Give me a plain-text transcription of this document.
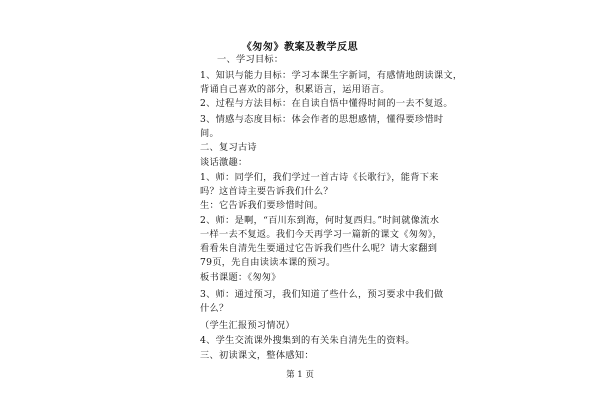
《匆匆》教案及教学反思
一、学习目标：
1、知识与能力目标：学习本课生字新词，有感情地朗读课文，
背诵自己喜欢的部分，积累语言，运用语言。
2、过程与方法目标：在自读自悟中懂得时间的一去不复返。
3、情感与态度目标：体会作者的思想感情，懂得要珍惜时
间。
二、复习古诗
谈话激趣：
1、师：同学们，我们学过一首古诗《长歌行》，能背下来
吗？这首诗主要告诉我们什么？
生：它告诉我们要珍惜时间。
2、师：是啊，“百川东到海，何时复西归。”时间就像流水
一样一去不复返。我们今天再学习一篇新的课文《匆匆》，
看看朱自清先生要通过它告诉我们些什么呢？请大家翻到
79页，先自由读读本课的预习。
板书课题：《匆匆》
3、师：通过预习，我们知道了些什么，预习要求中我们做
什么？
（学生汇报预习情况）
4、学生交流课外搜集到的有关朱自清先生的资料。
三、初读课文，整体感知：
第 1 页
